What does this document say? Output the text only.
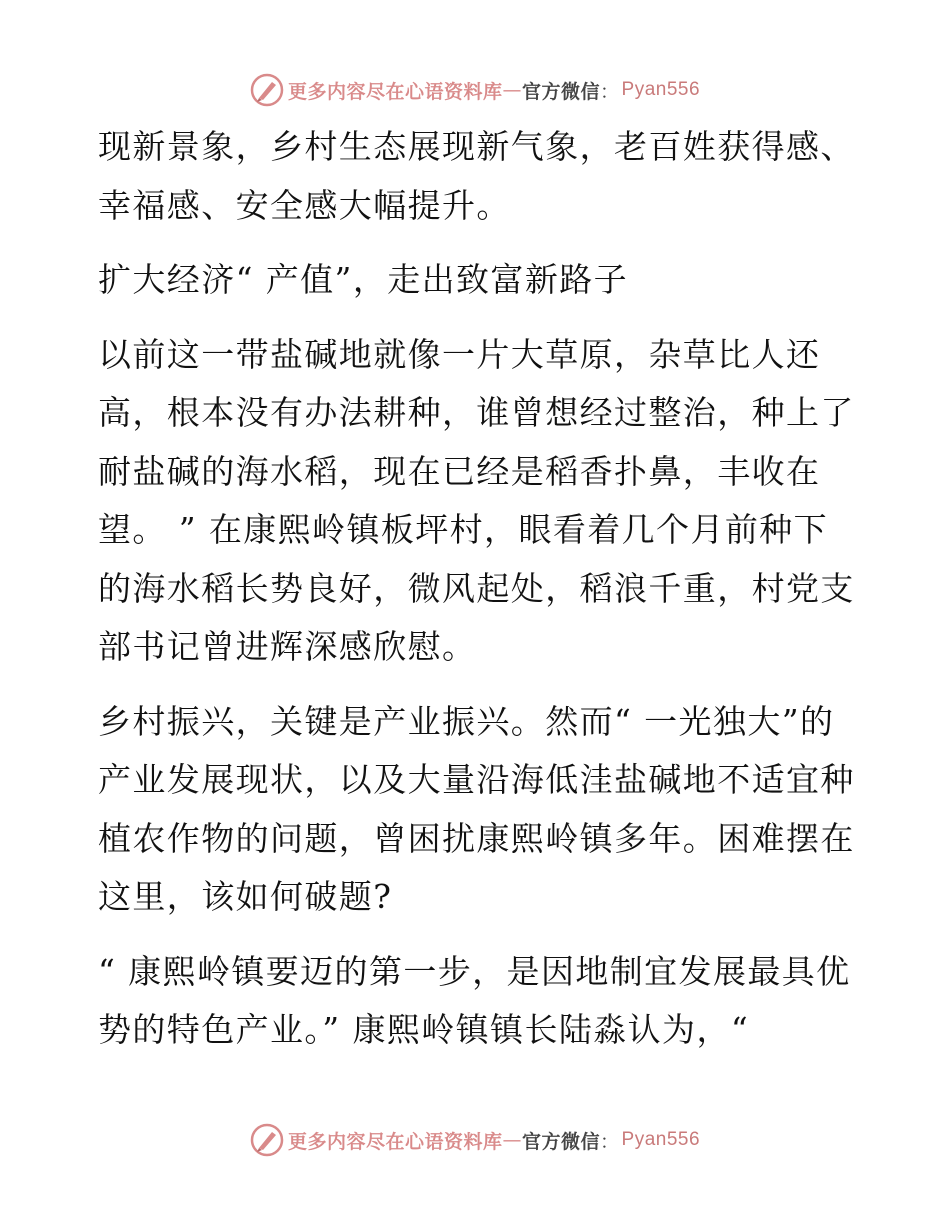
更多内容尽在心语资料库 — 官方微信 ： Pyan556

现新景象，乡村生态展现新气象，老百姓获得感、幸福感、安全感大幅提升。

扩大经济“ 产值”，走出致富新路子

以前这一带盐碱地就像一片大草原，杂草比人还高，根本没有办法耕种，谁曾想经过整治，种上了耐盐碱的海水稻，现在已经是稻香扑鼻，丰收在望。 ” 在康熙岭镇板坪村，眼看着几个月前种下的海水稻长势良好，微风起处，稻浪千重，村党支部书记曾进辉深感欣慰。

乡村振兴，关键是产业振兴。然而“ 一光独大”的产业发展现状，以及大量沿海低洼盐碱地不适宜种植农作物的问题，曾困扰康熙岭镇多年。困难摆在这里，该如何破题?

“ 康熙岭镇要迈的第一步，是因地制宜发展最具优势的特色产业。” 康熙岭镇镇长陆淼认为，“

更多内容尽在心语资料库 — 官方微信 ： Pyan556
